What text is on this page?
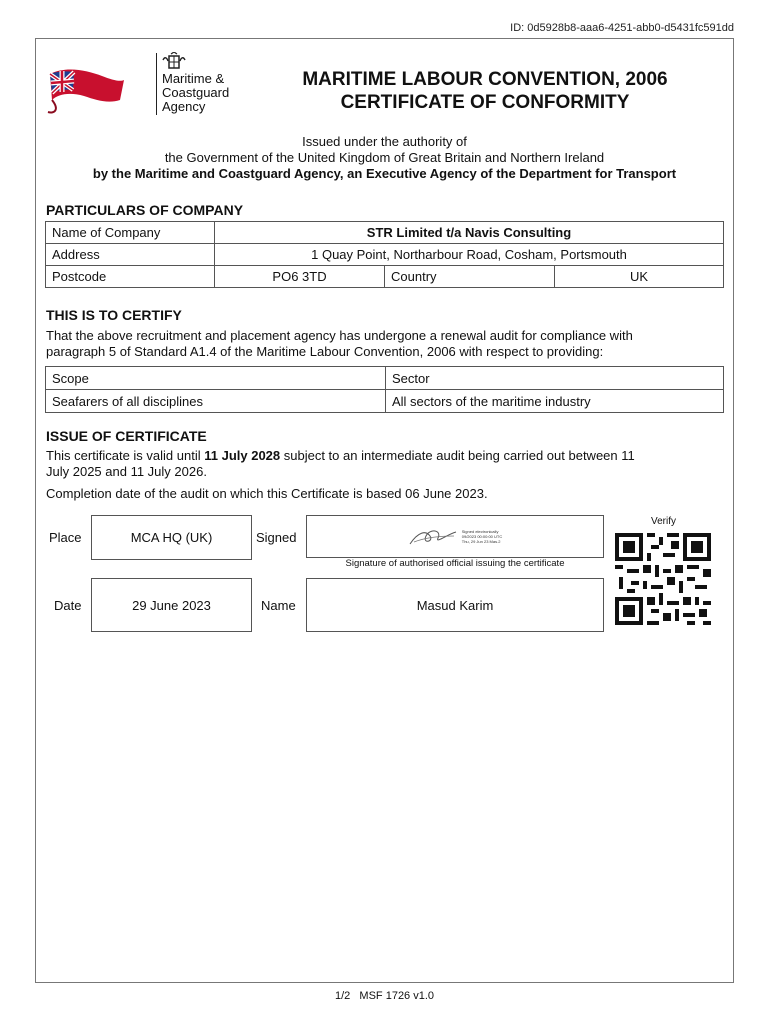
ID: 0d5928b8-aaa6-4251-abb0-d5431fc591dd
Maritime &
Coastguard
Agency
MARITIME LABOUR CONVENTION, 2006
CERTIFICATE OF CONFORMITY
Issued under the authority of
the Government of the United Kingdom of Great Britain and Northern Ireland
by the Maritime and Coastguard Agency, an Executive Agency of the Department for Transport
PARTICULARS OF COMPANY
Name of Company	STR Limited t/a Navis Consulting		
Address	1 Quay Point, Northarbour Road, Cosham, Portsmouth		
Postcode	PO6 3TD	Country	UK
THIS IS TO CERTIFY
That the above recruitment and placement agency has undergone a renewal audit for compliance with
paragraph 5 of Standard A1.4 of the Maritime Labour Convention, 2006 with respect to providing:
Scope	Sector
Seafarers of all disciplines	All sectors of the maritime industry
ISSUE OF CERTIFICATE
This certificate is valid until 11 July 2028 subject to an intermediate audit being carried out between 11
July 2025 and 11 July 2026.
Completion date of the audit on which this Certificate is based 06 June 2023.
Place	MCA HQ (UK)	Signed	Signed electronically
09/2023 00:00:00 UTC
Thu, 29 Jun 23 Mas.2
Signature of authorised official issuing the certificate
Date	29 June 2023	Name	Masud Karim
Verify
1/2   MSF 1726 v1.0
